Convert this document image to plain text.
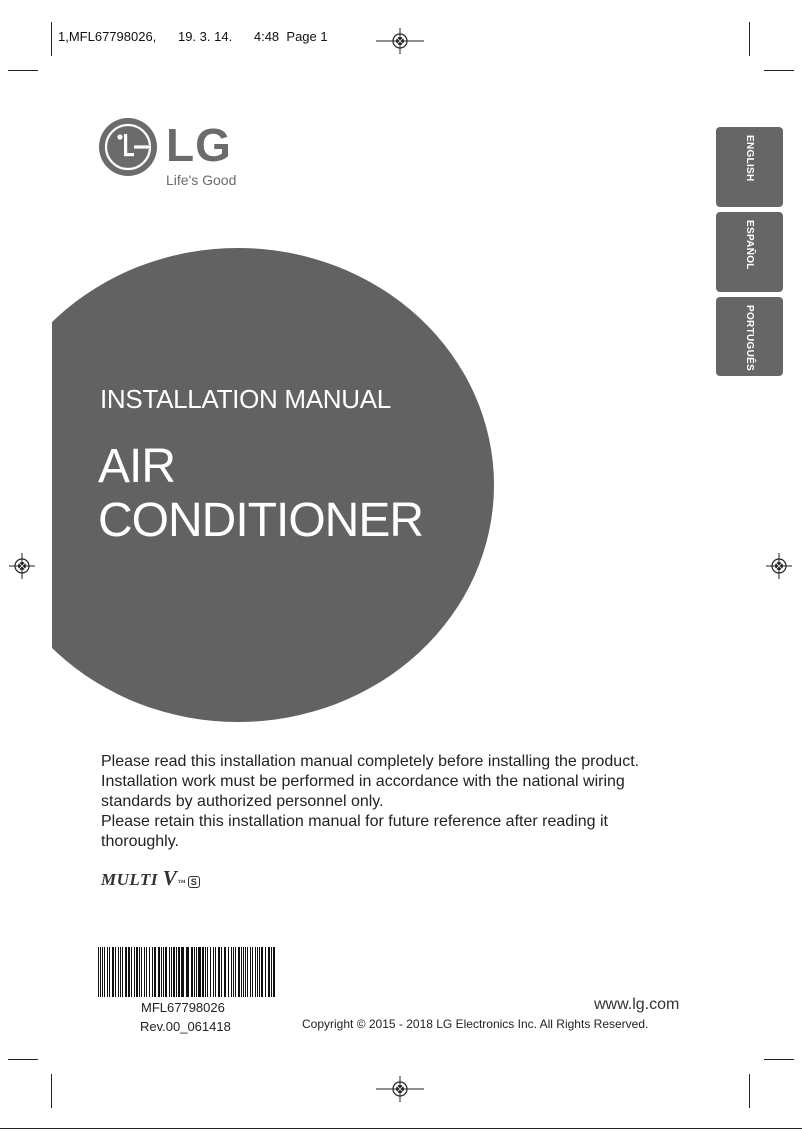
1,MFL67798026, 19. 3. 14. 4:48 Page 1
LG
Life's Good
INSTALLATION MANUAL
AIR
CONDITIONER
ENGLISH
ESPAÑOL
PORTUGUÊS

Please read this installation manual completely before installing the product.

Installation work must be performed in accordance with the national wiring

standards by authorized personnel only.

Please retain this installation manual for future reference after reading it

thoroughly.

MULTI V™ S
MFL67798026
Rev.00_061418
www.lg.com
Copyright © 2015 - 2018 LG Electronics Inc. All Rights Reserved.
